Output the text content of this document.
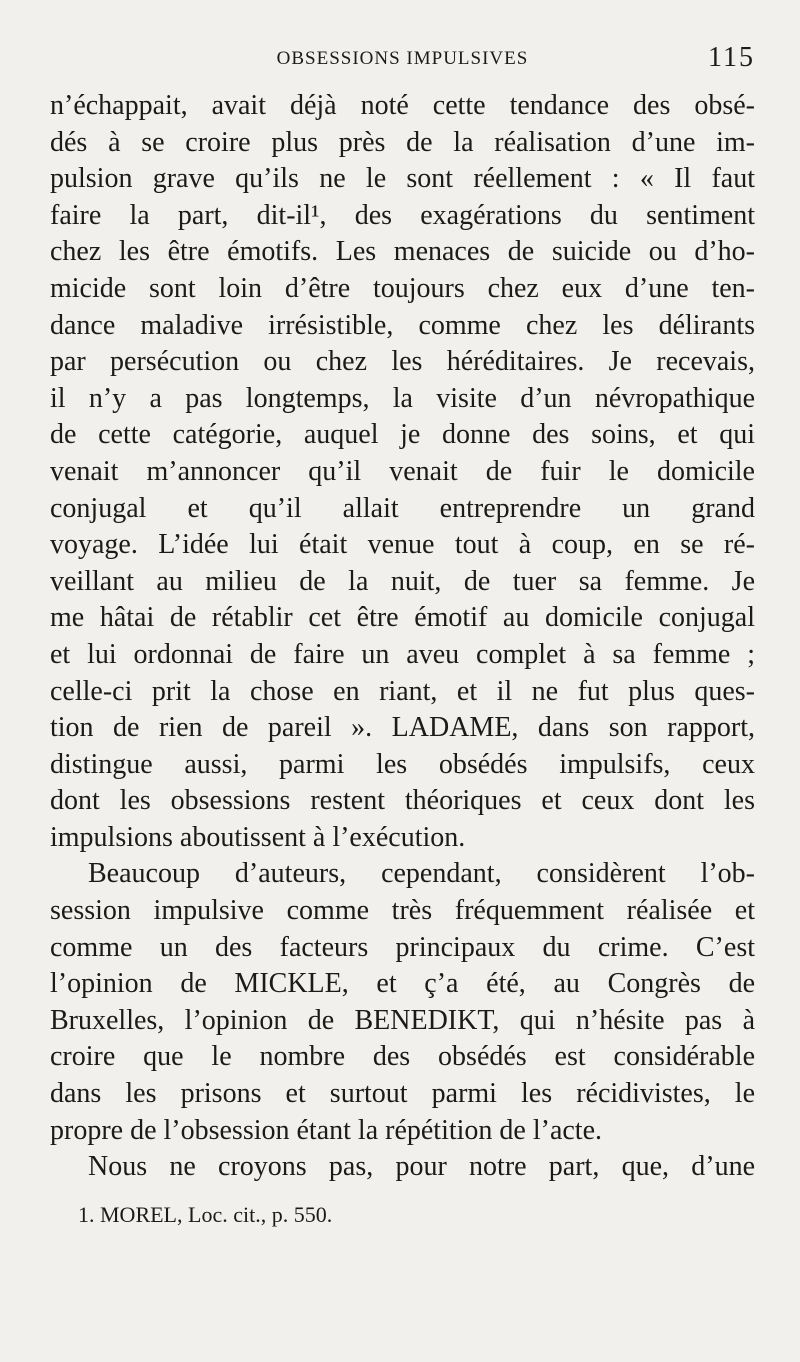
OBSESSIONS IMPULSIVES	115
n’échappait, avait déjà noté cette tendance des obsé-
dés à se croire plus près de la réalisation d’une im-
pulsion grave qu’ils ne le sont réellement : « Il faut
faire la part, dit-il¹, des exagérations du sentiment
chez les être émotifs. Les menaces de suicide ou d’ho-
micide sont loin d’être toujours chez eux d’une ten-
dance maladive irrésistible, comme chez les délirants
par persécution ou chez les héréditaires. Je recevais,
il n’y a pas longtemps, la visite d’un névropathique
de cette catégorie, auquel je donne des soins, et qui
venait m’annoncer qu’il venait de fuir le domicile
conjugal et qu’il allait entreprendre un grand
voyage. L’idée lui était venue tout à coup, en se ré-
veillant au milieu de la nuit, de tuer sa femme. Je
me hâtai de rétablir cet être émotif au domicile conjugal
et lui ordonnai de faire un aveu complet à sa femme ;
celle-ci prit la chose en riant, et il ne fut plus ques-
tion de rien de pareil ». LADAME, dans son rapport,
distingue aussi, parmi les obsédés impulsifs, ceux
dont les obsessions restent théoriques et ceux dont les
impulsions aboutissent à l’exécution.
Beaucoup d’auteurs, cependant, considèrent l’ob-
session impulsive comme très fréquemment réalisée et
comme un des facteurs principaux du crime. C’est
l’opinion de MICKLE, et ç’a été, au Congrès de
Bruxelles, l’opinion de BENEDIKT, qui n’hésite pas à
croire que le nombre des obsédés est considérable
dans les prisons et surtout parmi les récidivistes, le
propre de l’obsession étant la répétition de l’acte.
Nous ne croyons pas, pour notre part, que, d’une
1. MOREL, Loc. cit., p. 550.
